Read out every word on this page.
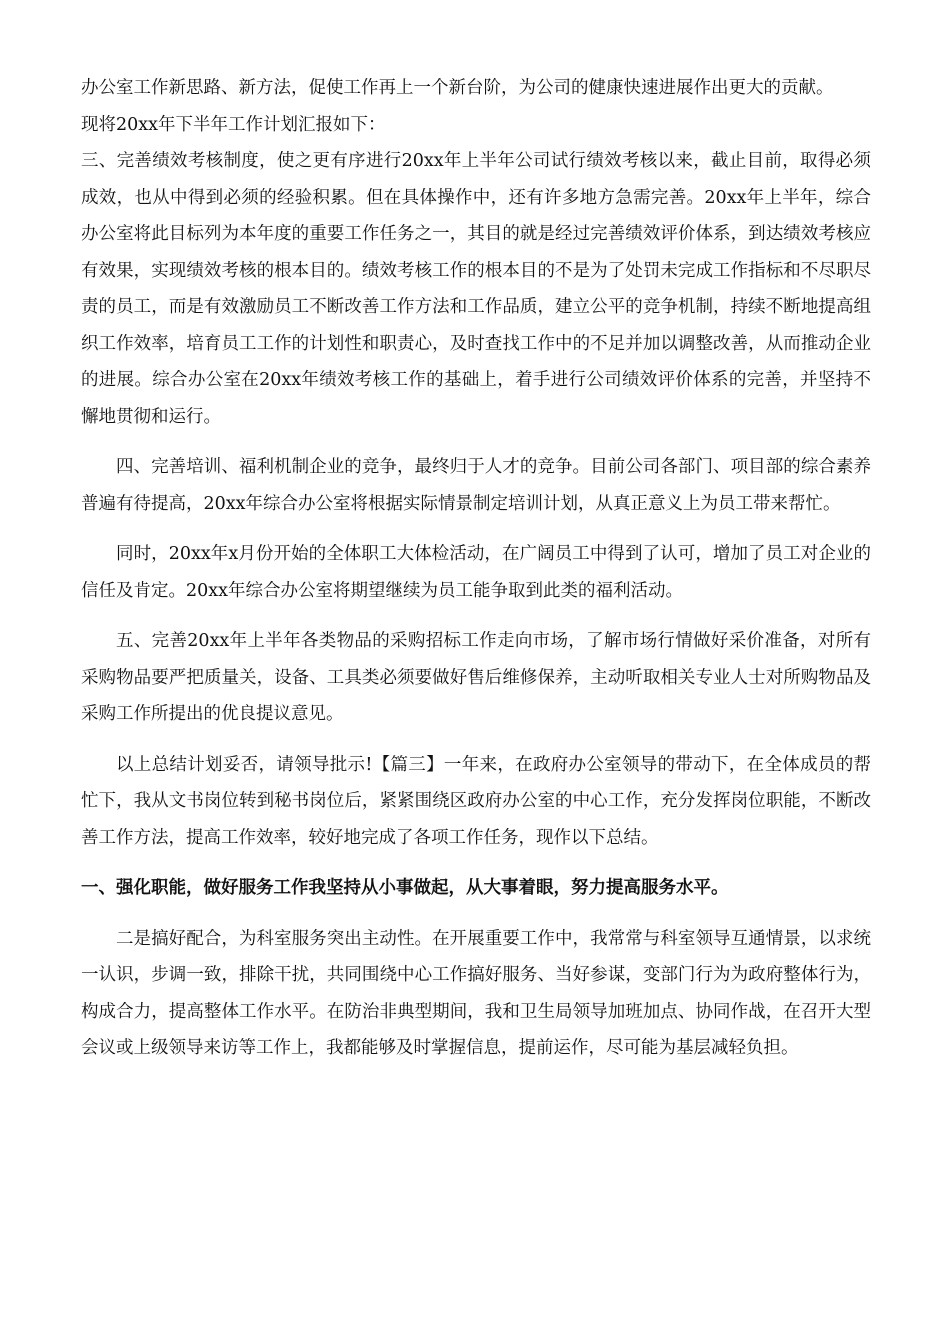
办公室工作新思路、新方法，促使工作再上一个新台阶，为公司的健康快速进展作出更大的贡献。

现将20xx年下半年工作计划汇报如下：

三、完善绩效考核制度，使之更有序进行20xx年上半年公司试行绩效考核以来，截止目前，取得必须成效，也从中得到必须的经验积累。但在具体操作中，还有许多地方急需完善。20xx年上半年，综合办公室将此目标列为本年度的重要工作任务之一，其目的就是经过完善绩效评价体系，到达绩效考核应有效果，实现绩效考核的根本目的。绩效考核工作的根本目的不是为了处罚未完成工作指标和不尽职尽责的员工，而是有效激励员工不断改善工作方法和工作品质，建立公平的竞争机制，持续不断地提高组织工作效率，培育员工工作的计划性和职责心，及时查找工作中的不足并加以调整改善，从而推动企业的进展。综合办公室在20xx年绩效考核工作的基础上，着手进行公司绩效评价体系的完善，并坚持不懈地贯彻和运行。

四、完善培训、福利机制企业的竞争，最终归于人才的竞争。目前公司各部门、项目部的综合素养普遍有待提高，20xx年综合办公室将根据实际情景制定培训计划，从真正意义上为员工带来帮忙。

同时，20xx年x月份开始的全体职工大体检活动，在广阔员工中得到了认可，增加了员工对企业的信任及肯定。20xx年综合办公室将期望继续为员工能争取到此类的福利活动。

五、完善20xx年上半年各类物品的采购招标工作走向市场，了解市场行情做好采价准备，对所有采购物品要严把质量关，设备、工具类必须要做好售后维修保养，主动听取相关专业人士对所购物品及采购工作所提出的优良提议意见。

以上总结计划妥否，请领导批示!【篇三】一年来，在政府办公室领导的带动下，在全体成员的帮忙下，我从文书岗位转到秘书岗位后，紧紧围绕区政府办公室的中心工作，充分发挥岗位职能，不断改善工作方法，提高工作效率，较好地完成了各项工作任务，现作以下总结。

一、强化职能，做好服务工作我坚持从小事做起，从大事着眼，努力提高服务水平。

二是搞好配合，为科室服务突出主动性。在开展重要工作中，我常常与科室领导互通情景，以求统一认识，步调一致，排除干扰，共同围绕中心工作搞好服务、当好参谋，变部门行为为政府整体行为，构成合力，提高整体工作水平。在防治非典型期间，我和卫生局领导加班加点、协同作战，在召开大型会议或上级领导来访等工作上，我都能够及时掌握信息，提前运作，尽可能为基层减轻负担。
